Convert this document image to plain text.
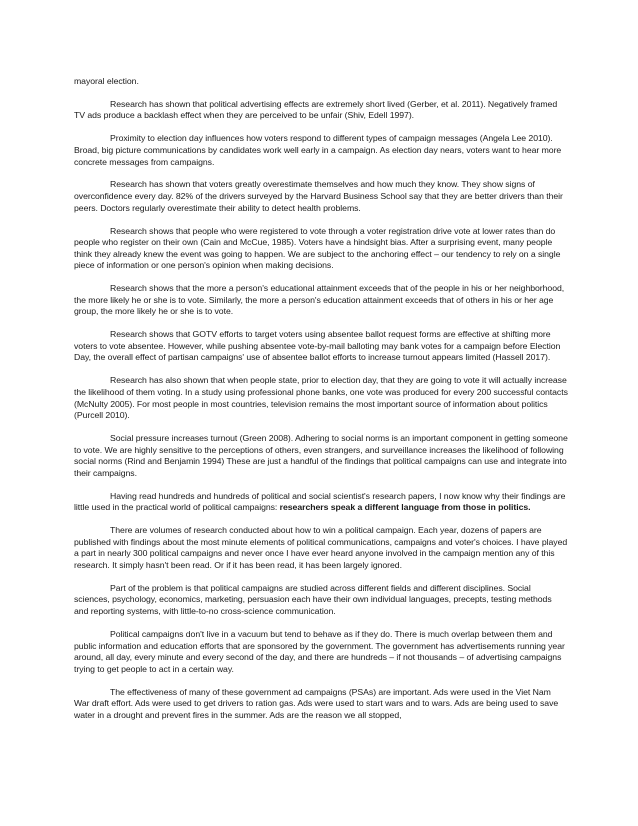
mayoral election.

Research has shown that political advertising effects are extremely short lived (Gerber, et al. 2011). Negatively framed TV ads produce a backlash effect when they are perceived to be unfair (Shiv, Edell 1997).

Proximity to election day influences how voters respond to different types of campaign messages (Angela Lee 2010). Broad, big picture communications by candidates work well early in a campaign. As election day nears, voters want to hear more concrete messages from campaigns.

Research has shown that voters greatly overestimate themselves and how much they know. They show signs of overconfidence every day. 82% of the drivers surveyed by the Harvard Business School say that they are better drivers than their peers. Doctors regularly overestimate their ability to detect health problems.

Research shows that people who were registered to vote through a voter registration drive vote at lower rates than do people who register on their own (Cain and McCue, 1985). Voters have a hindsight bias. After a surprising event, many people think they already knew the event was going to happen. We are subject to the anchoring effect – our tendency to rely on a single piece of information or one person's opinion when making decisions.

Research shows that the more a person's educational attainment exceeds that of the people in his or her neighborhood, the more likely he or she is to vote. Similarly, the more a person's education attainment exceeds that of others in his or her age group, the more likely he or she is to vote.

Research shows that GOTV efforts to target voters using absentee ballot request forms are effective at shifting more voters to vote absentee. However, while pushing absentee vote-by-mail balloting may bank votes for a campaign before Election Day, the overall effect of partisan campaigns' use of absentee ballot efforts to increase turnout appears limited (Hassell 2017).

Research has also shown that when people state, prior to election day, that they are going to vote it will actually increase the likelihood of them voting. In a study using professional phone banks, one vote was produced for every 200 successful contacts (McNulty 2005). For most people in most countries, television remains the most important source of information about politics (Purcell 2010).

Social pressure increases turnout (Green 2008). Adhering to social norms is an important component in getting someone to vote. We are highly sensitive to the perceptions of others, even strangers, and surveillance increases the likelihood of following social norms (Rind and Benjamin 1994) These are just a handful of the findings that political campaigns can use and integrate into their campaigns.

Having read hundreds and hundreds of political and social scientist's research papers, I now know why their findings are little used in the practical world of political campaigns: researchers speak a different language from those in politics.

There are volumes of research conducted about how to win a political campaign. Each year, dozens of papers are published with findings about the most minute elements of political communications, campaigns and voter's choices. I have played a part in nearly 300 political campaigns and never once I have ever heard anyone involved in the campaign mention any of this research. It simply hasn't been read. Or if it has been read, it has been largely ignored.

Part of the problem is that political campaigns are studied across different fields and different disciplines. Social sciences, psychology, economics, marketing, persuasion each have their own individual languages, precepts, testing methods and reporting systems, with little-to-no cross-science communication.

Political campaigns don't live in a vacuum but tend to behave as if they do. There is much overlap between them and public information and education efforts that are sponsored by the government. The government has advertisements running year around, all day, every minute and every second of the day, and there are hundreds – if not thousands – of advertising campaigns trying to get people to act in a certain way.

The effectiveness of many of these government ad campaigns (PSAs) are important. Ads were used in the Viet Nam War draft effort. Ads were used to get drivers to ration gas. Ads were used to start wars and to wars. Ads are being used to save water in a drought and prevent fires in the summer. Ads are the reason we all stopped,
